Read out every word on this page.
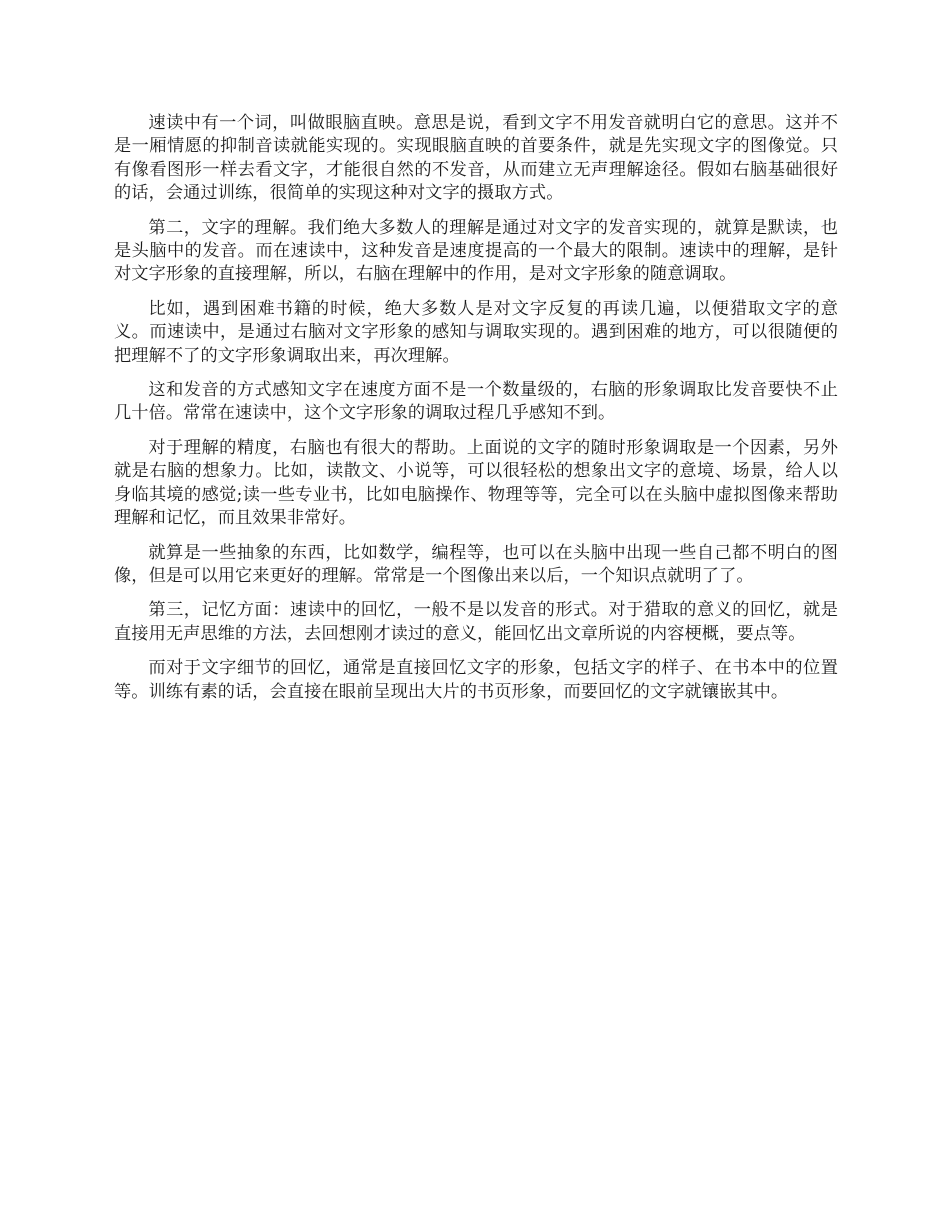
速读中有一个词，叫做眼脑直映。意思是说，看到文字不用发音就明白它的意思。这并不是一厢情愿的抑制音读就能实现的。实现眼脑直映的首要条件，就是先实现文字的图像觉。只有像看图形一样去看文字，才能很自然的不发音，从而建立无声理解途径。假如右脑基础很好的话，会通过训练，很简单的实现这种对文字的摄取方式。

第二，文字的理解。我们绝大多数人的理解是通过对文字的发音实现的，就算是默读，也是头脑中的发音。而在速读中，这种发音是速度提高的一个最大的限制。速读中的理解，是针对文字形象的直接理解，所以，右脑在理解中的作用，是对文字形象的随意调取。

比如，遇到困难书籍的时候，绝大多数人是对文字反复的再读几遍，以便猎取文字的意义。而速读中，是通过右脑对文字形象的感知与调取实现的。遇到困难的地方，可以很随便的把理解不了的文字形象调取出来，再次理解。

这和发音的方式感知文字在速度方面不是一个数量级的，右脑的形象调取比发音要快不止几十倍。常常在速读中，这个文字形象的调取过程几乎感知不到。

对于理解的精度，右脑也有很大的帮助。上面说的文字的随时形象调取是一个因素，另外就是右脑的想象力。比如，读散文、小说等，可以很轻松的想象出文字的意境、场景，给人以身临其境的感觉;读一些专业书，比如电脑操作、物理等等，完全可以在头脑中虚拟图像来帮助理解和记忆，而且效果非常好。

就算是一些抽象的东西，比如数学，编程等，也可以在头脑中出现一些自己都不明白的图像，但是可以用它来更好的理解。常常是一个图像出来以后，一个知识点就明了了。

第三，记忆方面：速读中的回忆，一般不是以发音的形式。对于猎取的意义的回忆，就是直接用无声思维的方法，去回想刚才读过的意义，能回忆出文章所说的内容梗概，要点等。

而对于文字细节的回忆，通常是直接回忆文字的形象，包括文字的样子、在书本中的位置等。训练有素的话，会直接在眼前呈现出大片的书页形象，而要回忆的文字就镶嵌其中。
